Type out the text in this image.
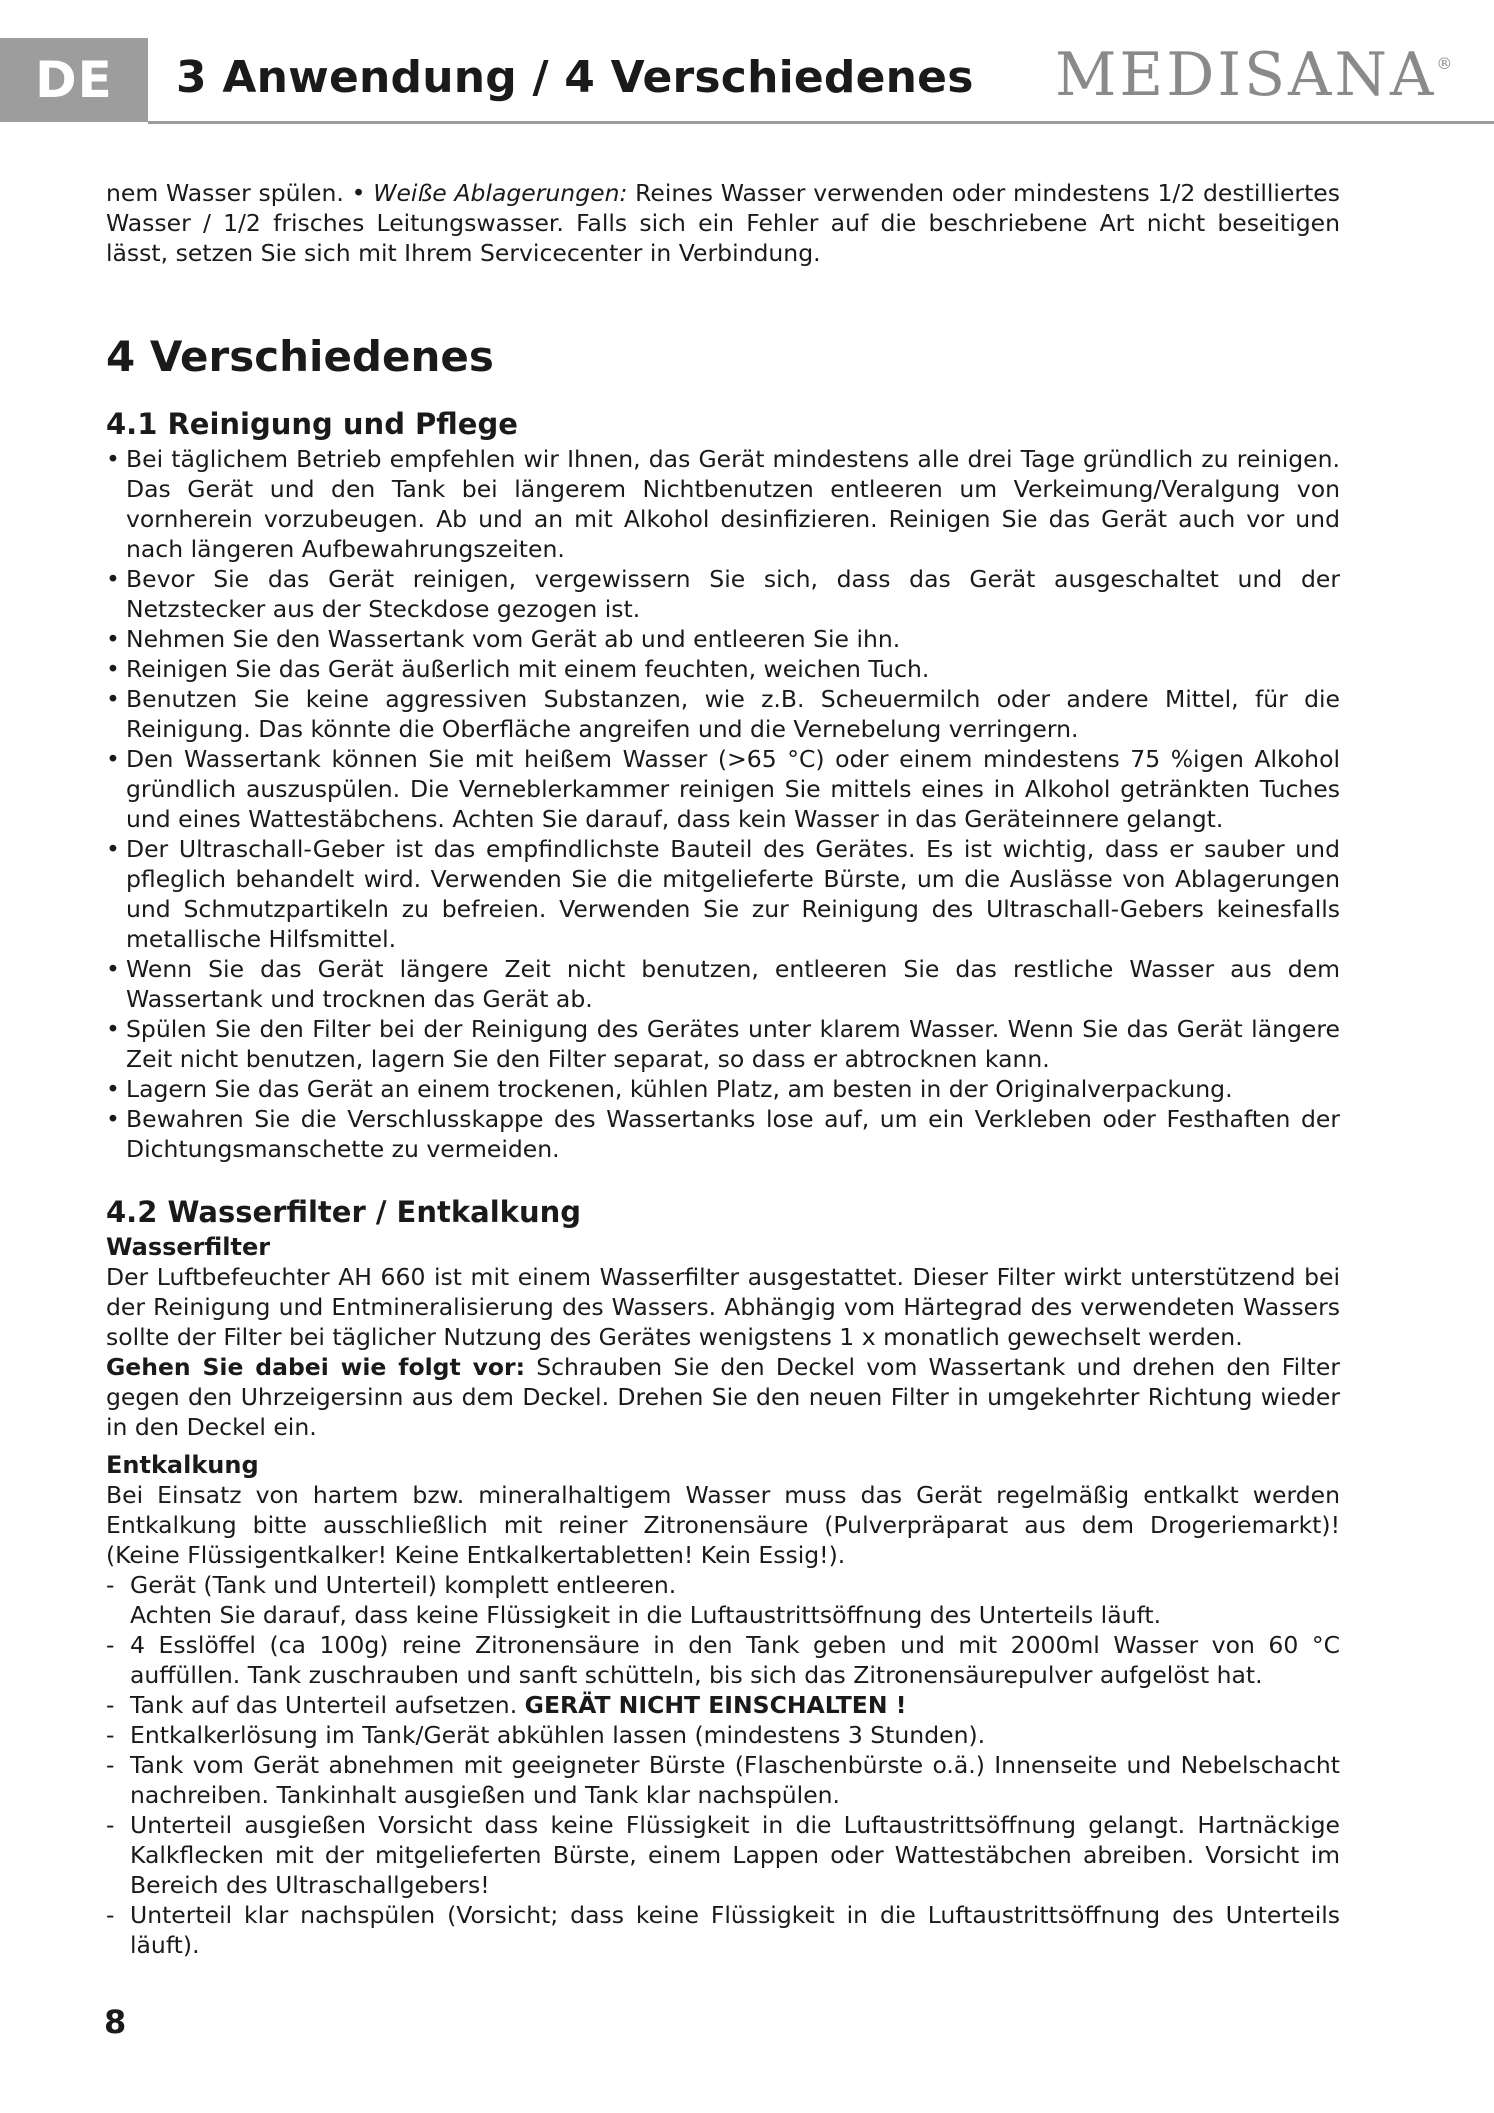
DE	3 Anwendung / 4 Verschiedenes MEDISANA®

nem Wasser spülen. • Weiße Ablagerungen: Reines Wasser verwenden oder mindestens 1/2 destilliertes Wasser / 1/2 frisches Leitungswasser. Falls sich ein Fehler auf die beschriebene Art nicht beseitigen lässt, setzen Sie sich mit Ihrem Servicecenter in Verbindung.

4 Verschiedenes
4.1 Reinigung und Pflege
• Bei täglichem Betrieb empfehlen wir Ihnen, das Gerät mindestens alle drei Tage gründlich zu reinigen. Das Gerät und den Tank bei längerem Nichtbenutzen entleeren um Verkeimung/Veralgung von vornherein vorzubeugen. Ab und an mit Alkohol desinfizieren. Reinigen Sie das Gerät auch vor und nach längeren Aufbewahrungszeiten.
• Bevor Sie das Gerät reinigen, vergewissern Sie sich, dass das Gerät ausgeschaltet und der Netzstecker aus der Steckdose gezogen ist.
• Nehmen Sie den Wassertank vom Gerät ab und entleeren Sie ihn.
• Reinigen Sie das Gerät äußerlich mit einem feuchten, weichen Tuch.
• Benutzen Sie keine aggressiven Substanzen, wie z.B. Scheuermilch oder andere Mittel, für die Reinigung. Das könnte die Oberfläche angreifen und die Vernebelung verringern.
• Den Wassertank können Sie mit heißem Wasser (>65 °C) oder einem mindestens 75 %igen Alkohol gründlich auszuspülen. Die Verneblerkammer reinigen Sie mittels eines in Alkohol getränkten Tuches und eines Wattestäbchens. Achten Sie darauf, dass kein Wasser in das Geräteinnere gelangt.
• Der Ultraschall-Geber ist das empfindlichste Bauteil des Gerätes. Es ist wichtig, dass er sauber und pfleglich behandelt wird. Verwenden Sie die mitgelieferte Bürste, um die Auslässe von Ablagerungen und Schmutzpartikeln zu befreien. Verwenden Sie zur Reinigung des Ultraschall-Gebers keinesfalls metallische Hilfsmittel.
• Wenn Sie das Gerät längere Zeit nicht benutzen, entleeren Sie das restliche Wasser aus dem Wassertank und trocknen das Gerät ab.
• Spülen Sie den Filter bei der Reinigung des Gerätes unter klarem Wasser. Wenn Sie das Gerät längere Zeit nicht benutzen, lagern Sie den Filter separat, so dass er abtrocknen kann.
• Lagern Sie das Gerät an einem trockenen, kühlen Platz, am besten in der Originalverpackung.
• Bewahren Sie die Verschlusskappe des Wassertanks lose auf, um ein Verkleben oder Festhaften der Dichtungsmanschette zu vermeiden.
4.2 Wasserfilter / Entkalkung
Wasserfilter

Der Luftbefeuchter AH 660 ist mit einem Wasserfilter ausgestattet. Dieser Filter wirkt unterstützend bei der Reinigung und Entmineralisierung des Wassers. Abhängig vom Härtegrad des verwendeten Wassers sollte der Filter bei täglicher Nutzung des Gerätes wenigstens 1 x monatlich gewechselt werden.

Gehen Sie dabei wie folgt vor: Schrauben Sie den Deckel vom Wassertank und drehen den Filter gegen den Uhrzeigersinn aus dem Deckel. Drehen Sie den neuen Filter in umgekehrter Richtung wieder in den Deckel ein.

Entkalkung

Bei Einsatz von hartem bzw. mineralhaltigem Wasser muss das Gerät regelmäßig entkalkt werden Entkalkung bitte ausschließlich mit reiner Zitronensäure (Pulverpräparat aus dem Drogeriemarkt)! (Keine Flüssigentkalker! Keine Entkalkertabletten! Kein Essig!).

- Gerät (Tank und Unterteil) komplett entleeren.
Achten Sie darauf, dass keine Flüssigkeit in die Luftaustrittsöffnung des Unterteils läuft.
- 4 Esslöffel (ca 100g) reine Zitronensäure in den Tank geben und mit 2000ml Wasser von 60 °C auffüllen. Tank zuschrauben und sanft schütteln, bis sich das Zitronensäurepulver aufgelöst hat.
- Tank auf das Unterteil aufsetzen. GERÄT NICHT EINSCHALTEN !
- Entkalkerlösung im Tank/Gerät abkühlen lassen (mindestens 3 Stunden).
- Tank vom Gerät abnehmen mit geeigneter Bürste (Flaschenbürste o.ä.) Innenseite und Nebelschacht nachreiben. Tankinhalt ausgießen und Tank klar nachspülen.
- Unterteil ausgießen Vorsicht dass keine Flüssigkeit in die Luftaustrittsöffnung gelangt. Hartnäckige Kalkflecken mit der mitgelieferten Bürste, einem Lappen oder Wattestäbchen abreiben. Vorsicht im Bereich des Ultraschallgebers!
- Unterteil klar nachspülen (Vorsicht; dass keine Flüssigkeit in die Luftaustrittsöffnung des Unterteils läuft).
8
